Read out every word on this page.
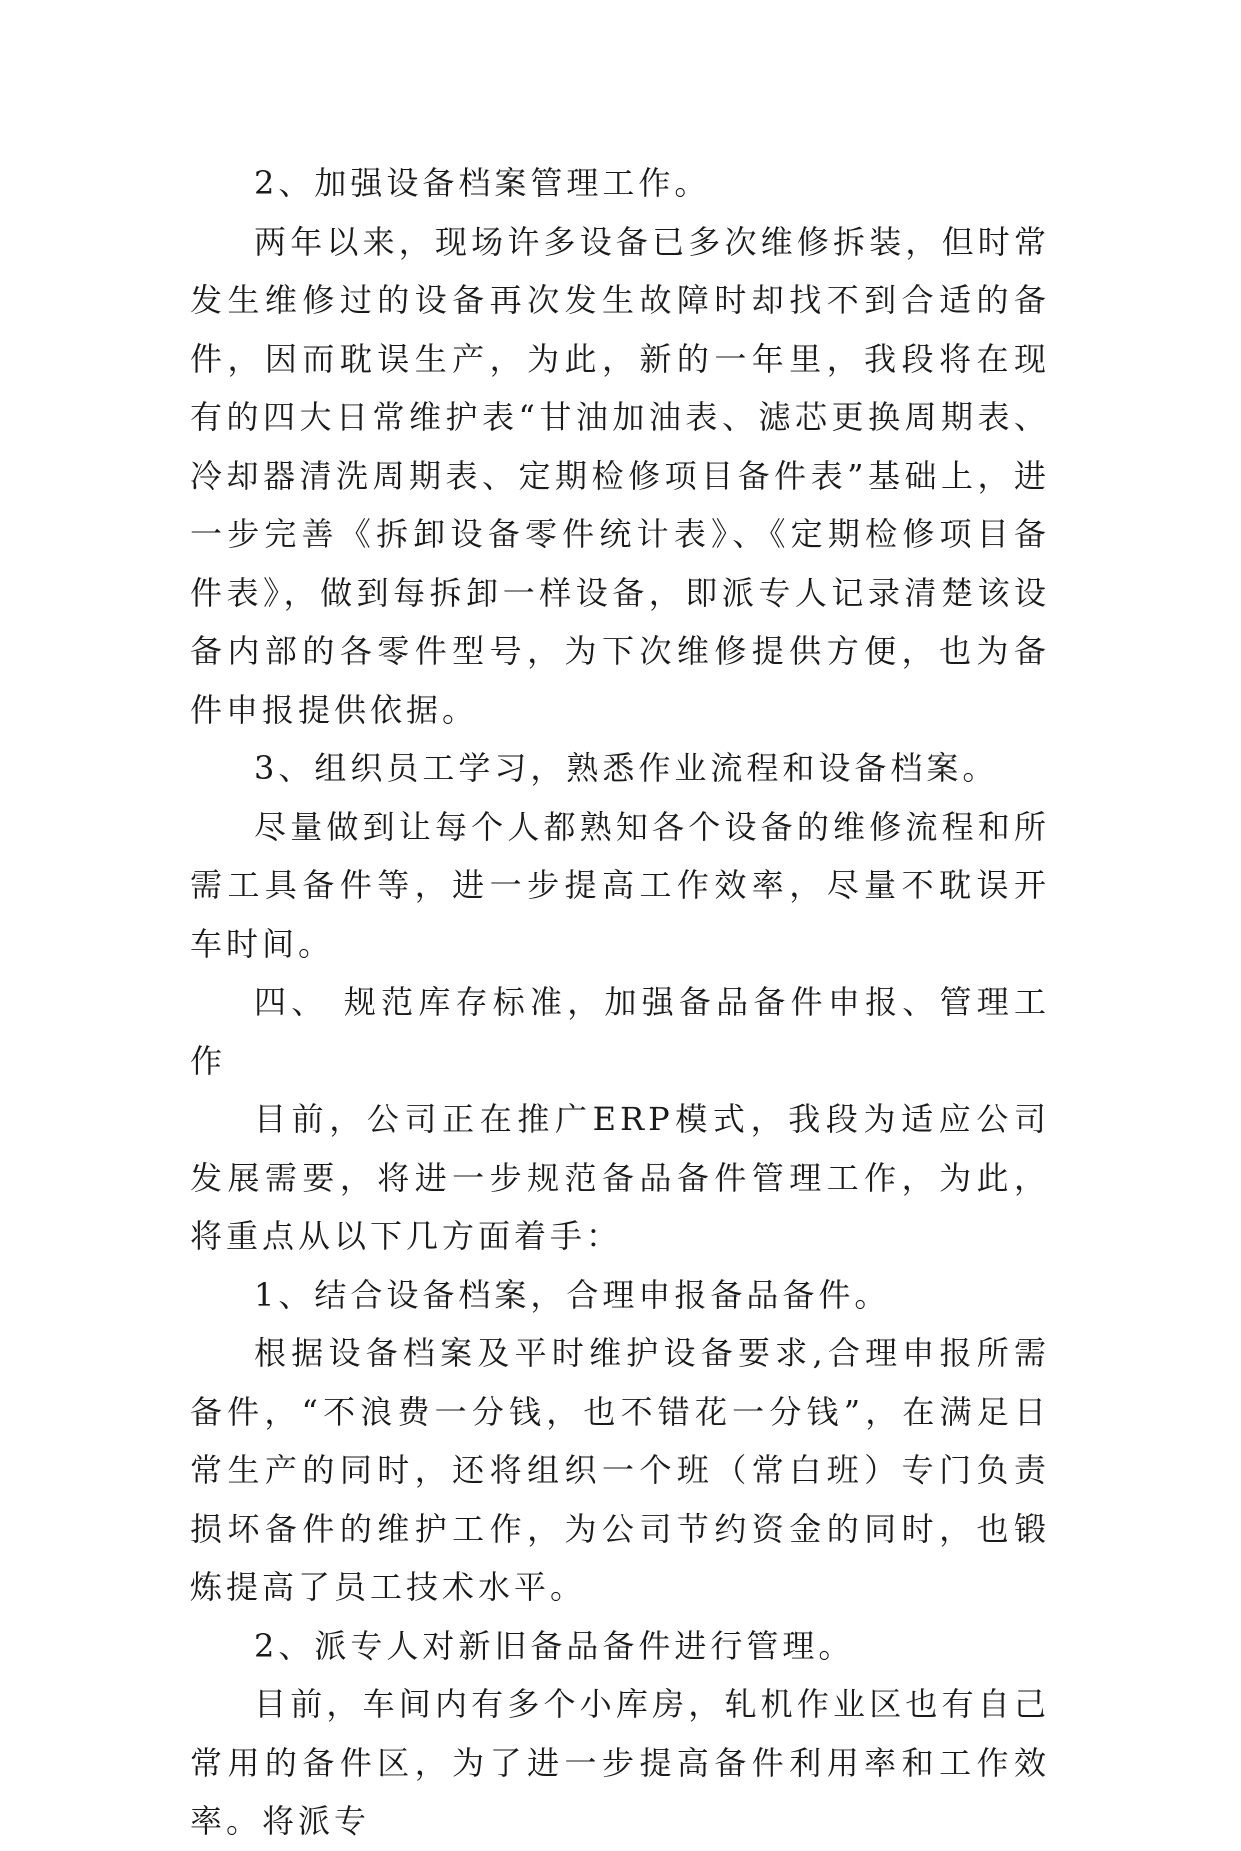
2、加强设备档案管理工作。

两年以来，现场许多设备已多次维修拆装，但时常发生维修过的设备再次发生故障时却找不到合适的备件，因而耽误生产，为此，新的一年里，我段将在现有的四大日常维护表“甘油加油表、滤芯更换周期表、冷却器清洗周期表、定期检修项目备件表”基础上，进一步完善《拆卸设备零件统计表》、《定期检修项目备件表》，做到每拆卸一样设备，即派专人记录清楚该设备内部的各零件型号，为下次维修提供方便，也为备件申报提供依据。

3、组织员工学习，熟悉作业流程和设备档案。

尽量做到让每个人都熟知各个设备的维修流程和所需工具备件等，进一步提高工作效率，尽量不耽误开车时间。

四、 规范库存标准，加强备品备件申报、管理工作

目前，公司正在推广ERP模式，我段为适应公司发展需要，将进一步规范备品备件管理工作，为此，将重点从以下几方面着手：

1、结合设备档案，合理申报备品备件。

根据设备档案及平时维护设备要求,合理申报所需备件，“不浪费一分钱，也不错花一分钱”，在满足日常生产的同时，还将组织一个班（常白班）专门负责损坏备件的维护工作，为公司节约资金的同时，也锻炼提高了员工技术水平。

2、派专人对新旧备品备件进行管理。

目前，车间内有多个小库房，轧机作业区也有自己常用的备件区，为了进一步提高备件利用率和工作效率。将派专
